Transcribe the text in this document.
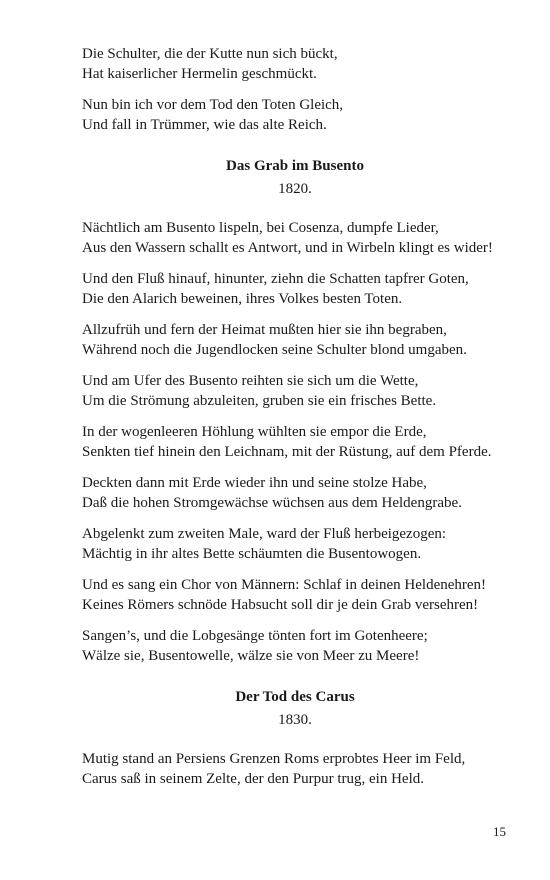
Die Schulter, die der Kutte nun sich bückt,
Hat kaiserlicher Hermelin geschmückt.
Nun bin ich vor dem Tod den Toten Gleich,
Und fall in Trümmer, wie das alte Reich.
Das Grab im Busento
1820.
Nächtlich am Busento lispeln, bei Cosenza, dumpfe Lieder,
Aus den Wassern schallt es Antwort, und in Wirbeln klingt es wider!
Und den Fluß hinauf, hinunter, ziehn die Schatten tapfrer Goten,
Die den Alarich beweinen, ihres Volkes besten Toten.
Allzufrüh und fern der Heimat mußten hier sie ihn begraben,
Während noch die Jugendlocken seine Schulter blond umgaben.
Und am Ufer des Busento reihten sie sich um die Wette,
Um die Strömung abzuleiten, gruben sie ein frisches Bette.
In der wogenleeren Höhlung wühlten sie empor die Erde,
Senkten tief hinein den Leichnam, mit der Rüstung, auf dem Pferde.
Deckten dann mit Erde wieder ihn und seine stolze Habe,
Daß die hohen Stromgewächse wüchsen aus dem Heldengrabe.
Abgelenkt zum zweiten Male, ward der Fluß herbeigezogen:
Mächtig in ihr altes Bette schäumten die Busentowogen.
Und es sang ein Chor von Männern: Schlaf in deinen Heldenehren!
Keines Römers schnöde Habsucht soll dir je dein Grab versehren!
Sangen’s, und die Lobgesänge tönten fort im Gotenheere;
Wälze sie, Busentowelle, wälze sie von Meer zu Meere!
Der Tod des Carus
1830.
Mutig stand an Persiens Grenzen Roms erprobtes Heer im Feld,
Carus saß in seinem Zelte, der den Purpur trug, ein Held.
15
